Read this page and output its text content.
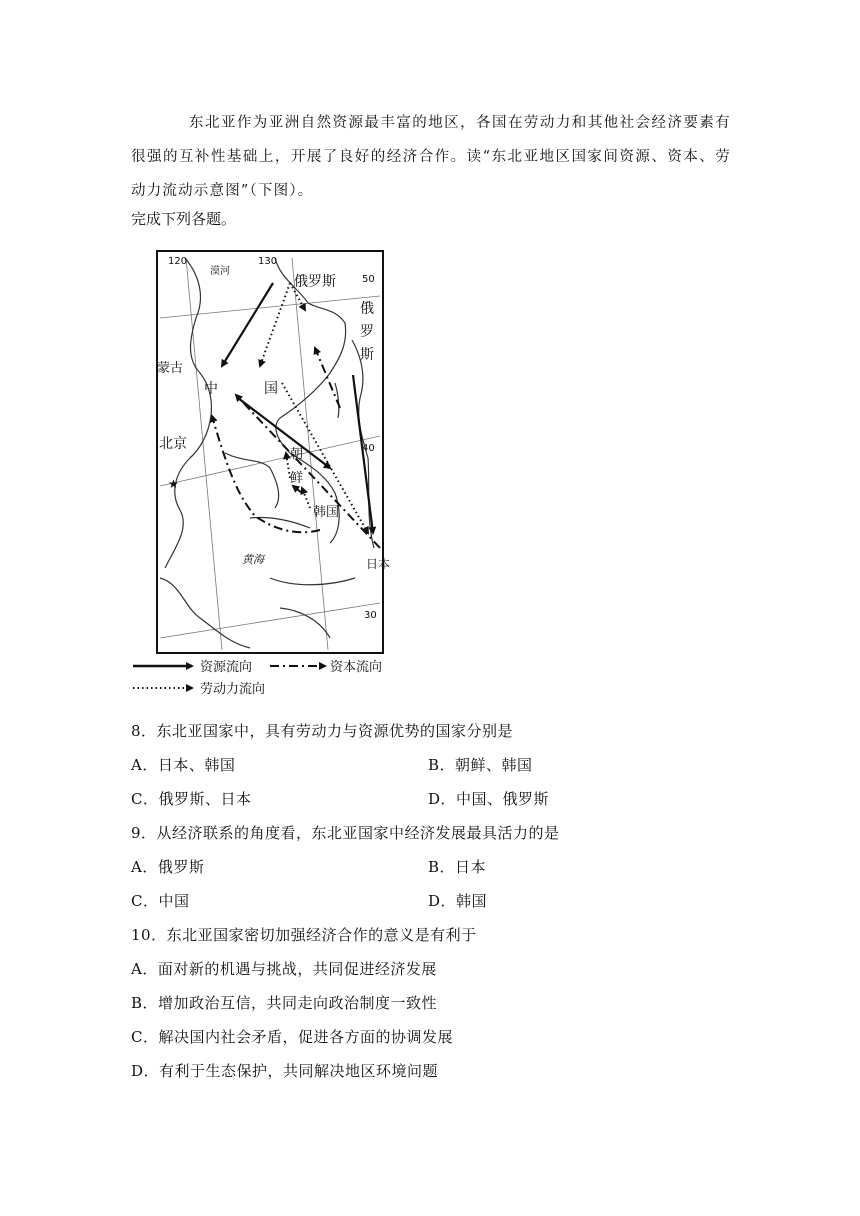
东北亚作为亚洲自然资源最丰富的地区，各国在劳动力和其他社会经济要素有很强的互补性基础上，开展了良好的经济合作。读“东北亚地区国家间资源、资本、劳动力流动示意图”（下图）。

完成下列各题。
120	130
50
40
30
漠河
俄罗斯
俄
罗
斯
蒙古
中	国
北京
★
朝
鲜
韩国
黄海	日本
资源流向	资本流向
劳动力流向
8．东北亚国家中，具有劳动力与资源优势的国家分别是
A．日本、韩国	B．朝鲜、韩国
C．俄罗斯、日本	D．中国、俄罗斯
9．从经济联系的角度看，东北亚国家中经济发展最具活力的是
A．俄罗斯	B．日本
C．中国	D．韩国
10．东北亚国家密切加强经济合作的意义是有利于
A．面对新的机遇与挑战，共同促进经济发展
B．增加政治互信，共同走向政治制度一致性
C．解决国内社会矛盾，促进各方面的协调发展
D．有利于生态保护，共同解决地区环境问题
